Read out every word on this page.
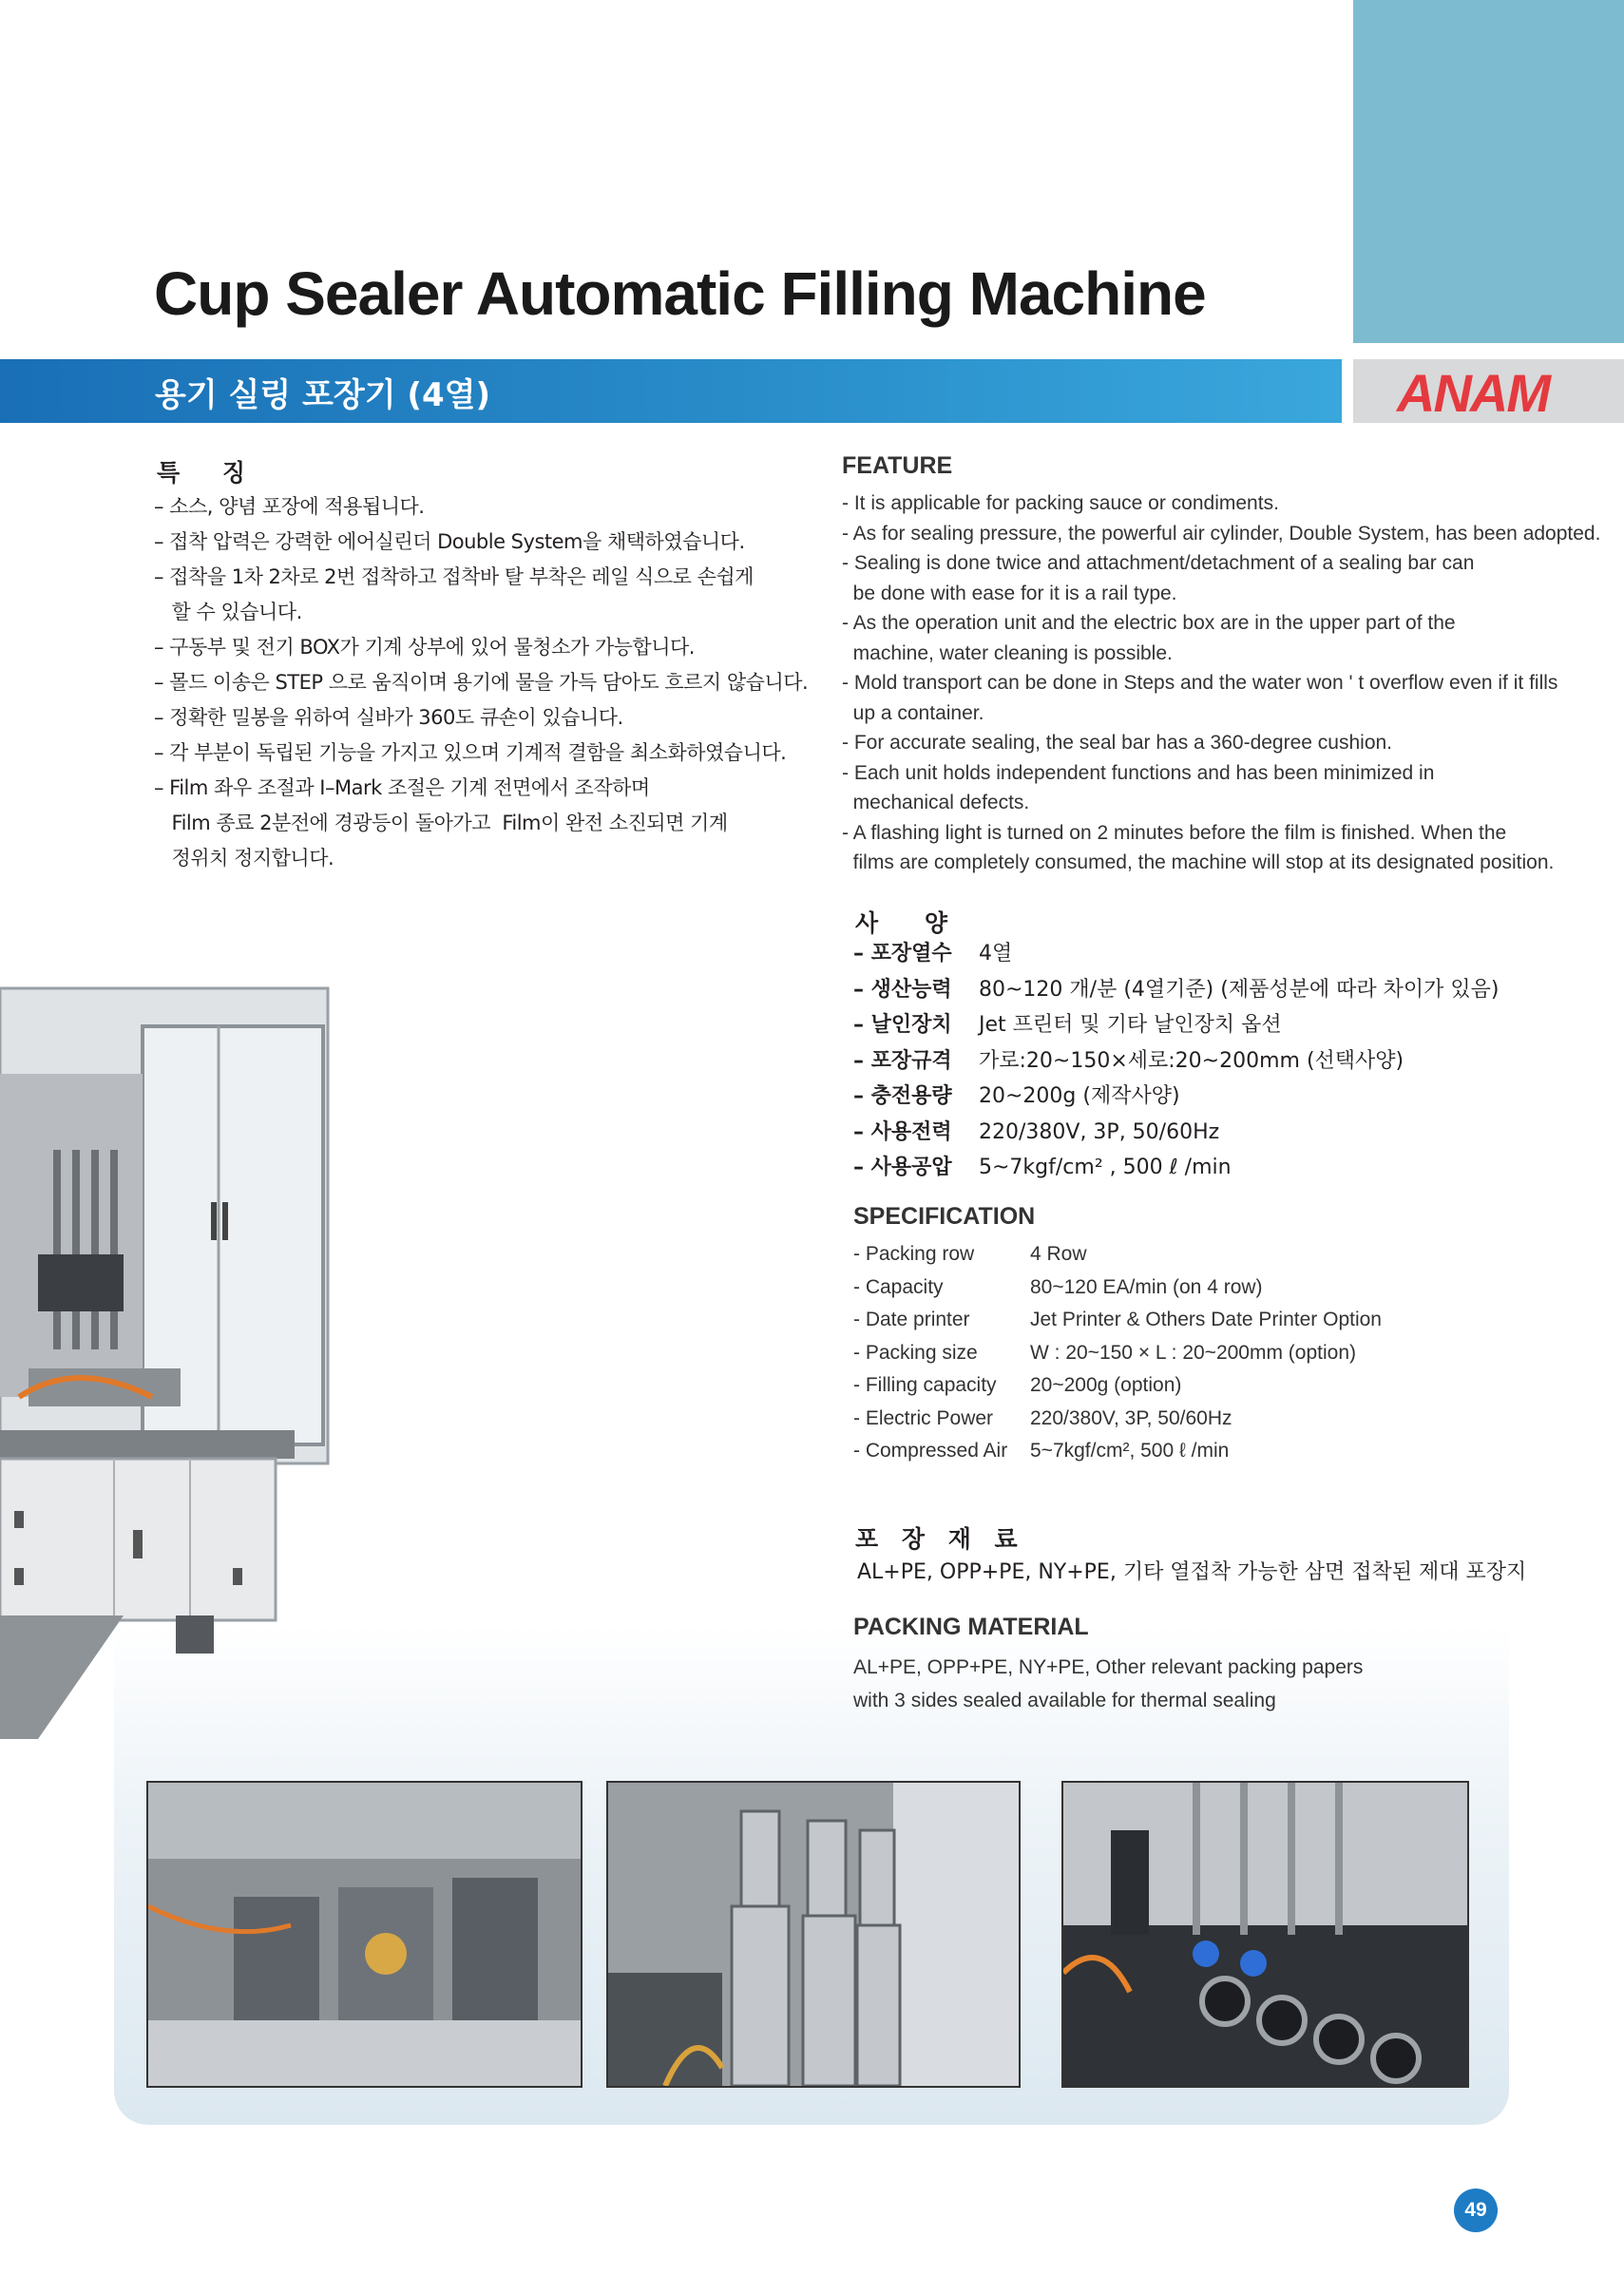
Cup Sealer Automatic Filling Machine
용기 실링 포장기 (4열)	ANAM
특 징
– 소스, 양념 포장에 적용됩니다.
– 접착 압력은 강력한 에어실린더 Double System을 채택하였습니다.
– 접착을 1차 2차로 2번 접착하고 접착바 탈 부착은 레일 식으로 손쉽게
할 수 있습니다.
– 구동부 및 전기 BOX가 기계 상부에 있어 물청소가 가능합니다.
– 몰드 이송은 STEP 으로 움직이며 용기에 물을 가득 담아도 흐르지 않습니다.
– 정확한 밀봉을 위하여 실바가 360도 큐숀이 있습니다.
– 각 부분이 독립된 기능을 가지고 있으며 기계적 결함을 최소화하였습니다.
– Film 좌우 조절과 I–Mark 조절은 기계 전면에서 조작하며
Film 종료 2분전에 경광등이 돌아가고  Film이 완전 소진되면 기계
정위치 정지합니다.
FEATURE
- It is applicable for packing sauce or condiments.
- As for sealing pressure, the powerful air cylinder, Double System, has been adopted.
- Sealing is done twice and attachment/detachment of a sealing bar can
be done with ease for it is a rail type.
- As the operation unit and the electric box are in the upper part of the
machine, water cleaning is possible.
- Mold transport can be done in Steps and the water won ' t overflow even if it fills
up a container.
- For accurate sealing, the seal bar has a 360-degree cushion.
- Each unit holds independent functions and has been minimized in
mechanical defects.
- A flashing light is turned on 2 minutes before the film is finished. When the
films are completely consumed, the machine will stop at its designated position.
사 양
– 포장열수 4열
– 생산능력 80~120 개/분 (4열기준) (제품성분에 따라 차이가 있음)
– 날인장치 Jet 프린터 및 기타 날인장치 옵션
– 포장규격 가로:20~150×세로:20~200mm (선택사양)
– 충전용량 20~200g (제작사양)
– 사용전력 220/380V, 3P, 50/60Hz
– 사용공압 5~7kgf/cm² , 500 ℓ /min
SPECIFICATION
- Packing row	4 Row
- Capacity	80~120 EA/min (on 4 row)
- Date printer	Jet Printer & Others Date Printer Option
- Packing size	W : 20~150 × L : 20~200mm (option)
- Filling capacity 20~200g (option)
- Electric Power 220/380V, 3P, 50/60Hz
- Compressed Air 5~7kgf/cm², 500 ℓ /min
포 장 재 료
AL+PE, OPP+PE, NY+PE, 기타 열접착 가능한 삼면 접착된 제대 포장지
PACKING MATERIAL
AL+PE, OPP+PE, NY+PE, Other relevant packing papers
with 3 sides sealed available for thermal sealing
49
